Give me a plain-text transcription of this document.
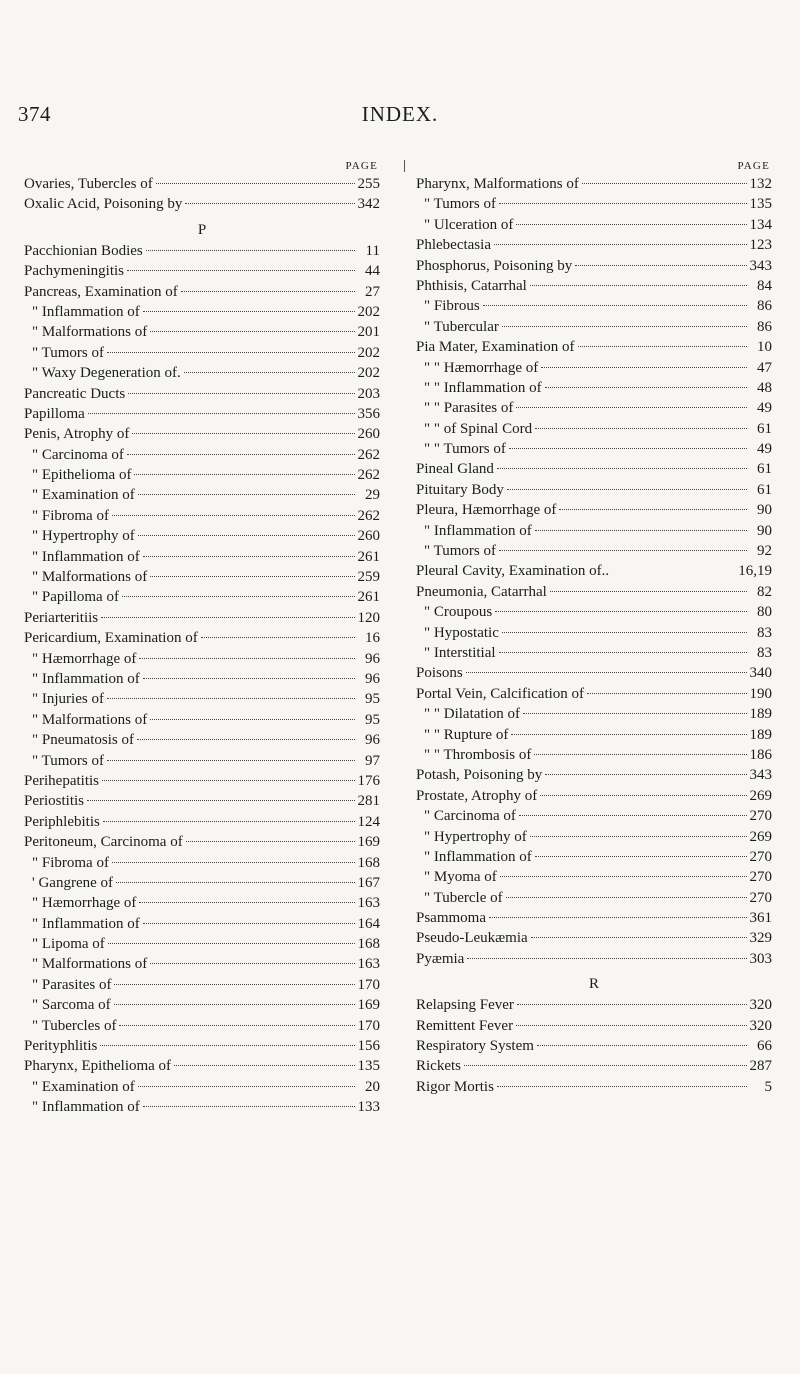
INDEX.
374
PAGE
Ovaries, Tubercles of	255
Oxalic Acid, Poisoning by	342
P
Pacchionian Bodies	11
Pachymeningitis	44
Pancreas, Examination of	27
" Inflammation of	202
" Malformations of	201
" Tumors of	202
" Waxy Degeneration of.	202
Pancreatic Ducts	203
Papilloma	356
Penis, Atrophy of	260
" Carcinoma of	262
" Epithelioma of	262
" Examination of	29
" Fibroma of	262
" Hypertrophy of	260
" Inflammation of	261
" Malformations of	259
" Papilloma of	261
Periarteritiis	120
Pericardium, Examination of	16
" Hæmorrhage of	96
" Inflammation of	96
" Injuries of	95
" Malformations of	95
" Pneumatosis of	96
" Tumors of	97
Perihepatitis	176
Periostitis	281
Periphlebitis	124
Peritoneum, Carcinoma of	169
" Fibroma of	168
' Gangrene of	167
" Hæmorrhage of	163
" Inflammation of	164
" Lipoma of	168
" Malformations of	163
" Parasites of	170
" Sarcoma of	169
" Tubercles of	170
Perityphlitis	156
Pharynx, Epithelioma of	135
" Examination of	20
" Inflammation of	133
PAGE
Pharynx, Malformations of	132
" Tumors of	135
" Ulceration of	134
Phlebectasia	123
Phosphorus, Poisoning by	343
Phthisis, Catarrhal	84
" Fibrous	86
" Tubercular	86
Pia Mater, Examination of	10
" " Hæmorrhage of	47
" " Inflammation of	48
" " Parasites of	49
" " of Spinal Cord	61
" " Tumors of	49
Pineal Gland	61
Pituitary Body	61
Pleura, Hæmorrhage of	90
" Inflammation of	90
" Tumors of	92
Pleural Cavity, Examination of..	16,19
Pneumonia, Catarrhal	82
" Croupous	80
" Hypostatic	83
" Interstitial	83
Poisons	340
Portal Vein, Calcification of	190
" " Dilatation of	189
" " Rupture of	189
" " Thrombosis of	186
Potash, Poisoning by	343
Prostate, Atrophy of	269
" Carcinoma of	270
" Hypertrophy of	269
" Inflammation of	270
" Myoma of	270
" Tubercle of	270
Psammoma	361
Pseudo-Leukæmia	329
Pyæmia	303
R
Relapsing Fever	320
Remittent Fever	320
Respiratory System	66
Rickets	287
Rigor Mortis	5
